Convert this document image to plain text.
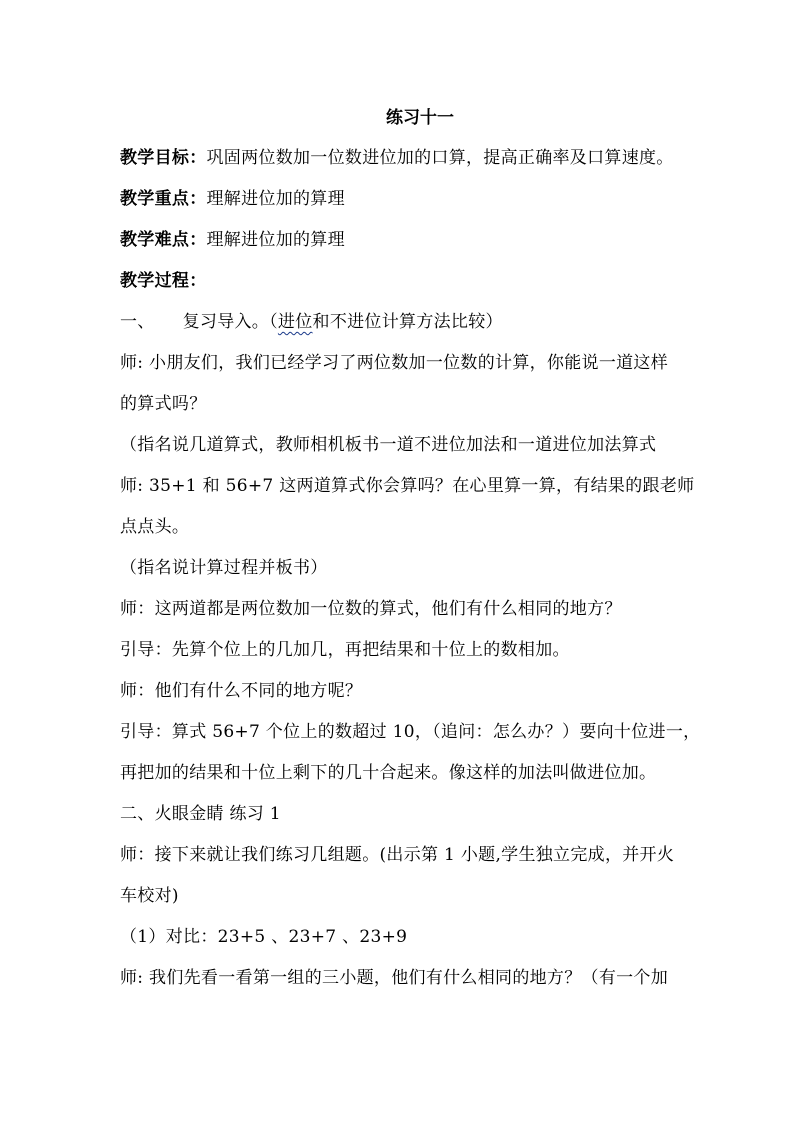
练习十一
教学目标：巩固两位数加一位数进位加的口算，提高正确率及口算速度。
教学重点：理解进位加的算理
教学难点：理解进位加的算理
教学过程：
一、 复习导入。（进位和不进位计算方法比较）
师: 小朋友们，我们已经学习了两位数加一位数的计算，你能说一道这样
的算式吗？
（指名说几道算式，教师相机板书一道不进位加法和一道进位加法算式
师: 35+1 和 56+7 这两道算式你会算吗？在心里算一算，有结果的跟老师
点点头。
（指名说计算过程并板书）
师：这两道都是两位数加一位数的算式，他们有什么相同的地方？
引导：先算个位上的几加几，再把结果和十位上的数相加。
师：他们有什么不同的地方呢？
引导：算式 56+7 个位上的数超过 10，（追问：怎么办？）要向十位进一，
再把加的结果和十位上剩下的几十合起来。像这样的加法叫做进位加。
二、火眼金睛 练习 1
师：接下来就让我们练习几组题。(出示第 1 小题,学生独立完成，并开火
车校对)
（1）对比：23+5 、23+7 、23+9
师: 我们先看一看第一组的三小题，他们有什么相同的地方？（有一个加
